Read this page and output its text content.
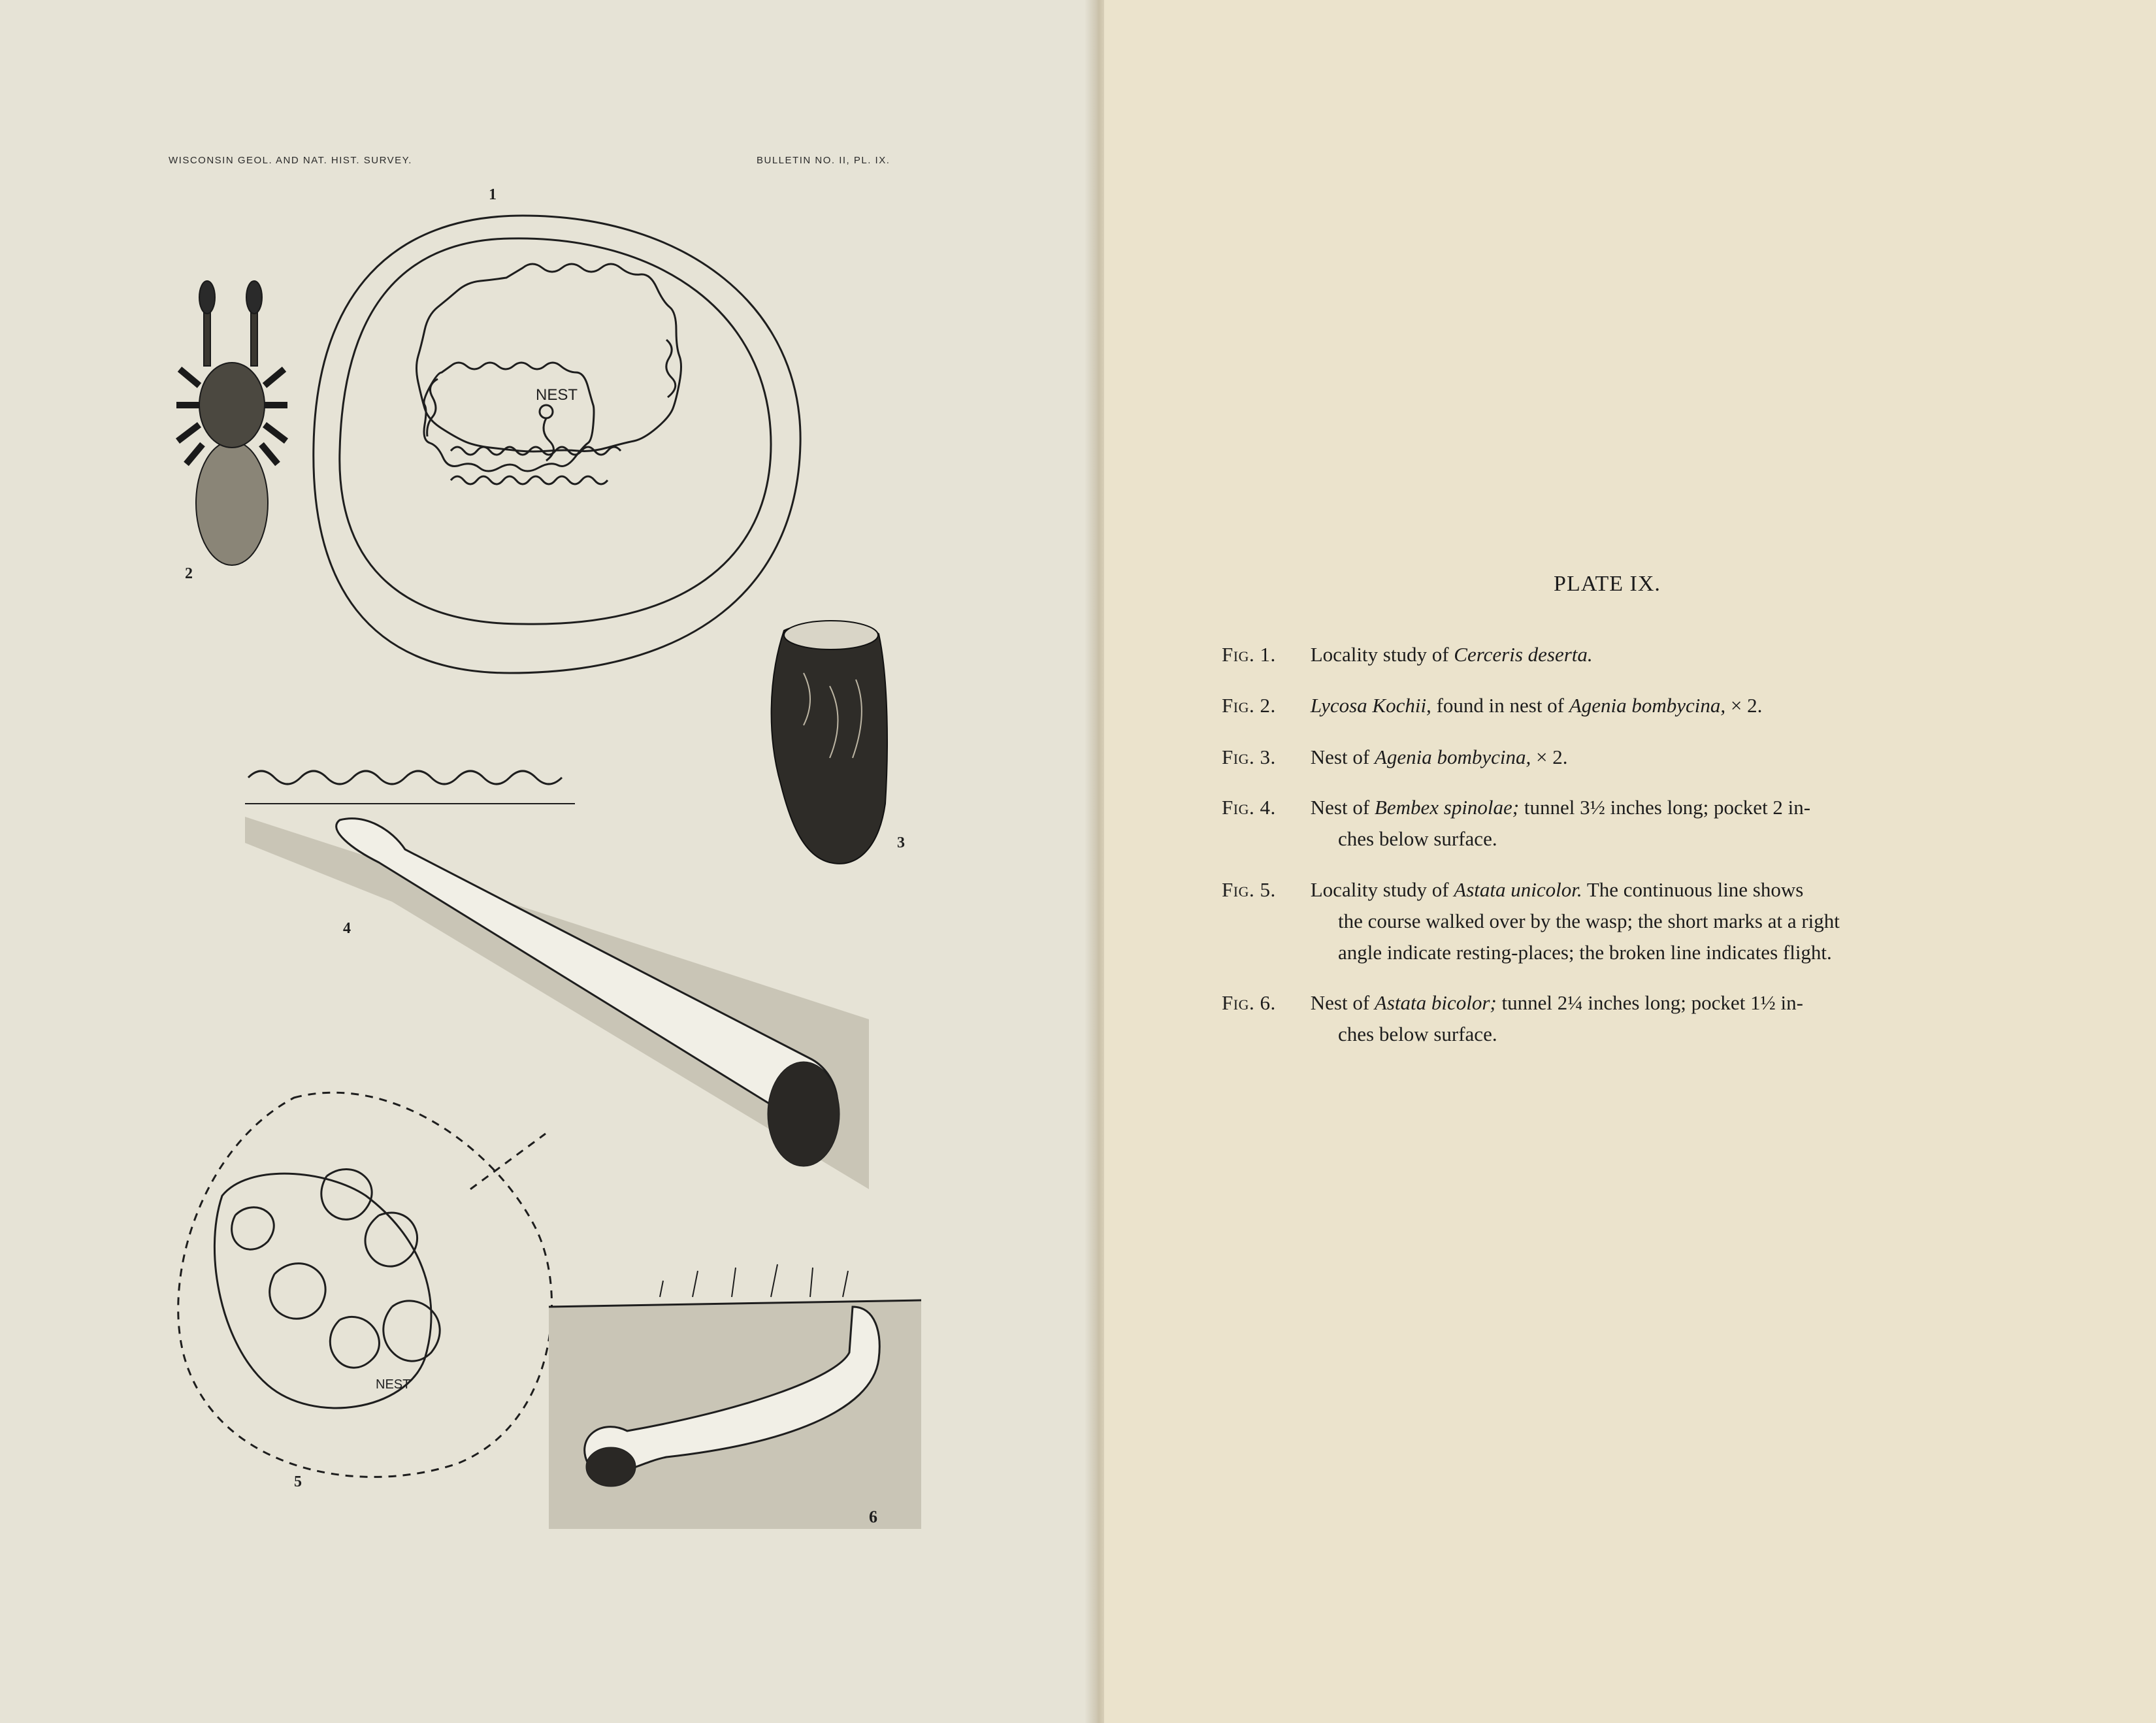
WISCONSIN GEOL. AND NAT. HIST. SURVEY.	BULLETIN NO. II, PL. IX.
NEST
NEST
1
2
3
4
5
6
PLATE IX.
Fig. 1. Locality study of Cerceris deserta.
Fig. 2. Lycosa Kochii, found in nest of Agenia bombycina, × 2.
Fig. 3. Nest of Agenia bombycina, × 2.
Fig. 4. Nest of Bembex spinolae; tunnel 3½ inches long; pocket 2 in-
ches below surface.
Fig. 5. Locality study of Astata unicolor. The continuous line shows
the course walked over by the wasp; the short marks at a right
angle indicate resting-places; the broken line indicates flight.
Fig. 6. Nest of Astata bicolor; tunnel 2¼ inches long; pocket 1½ in-
ches below surface.
